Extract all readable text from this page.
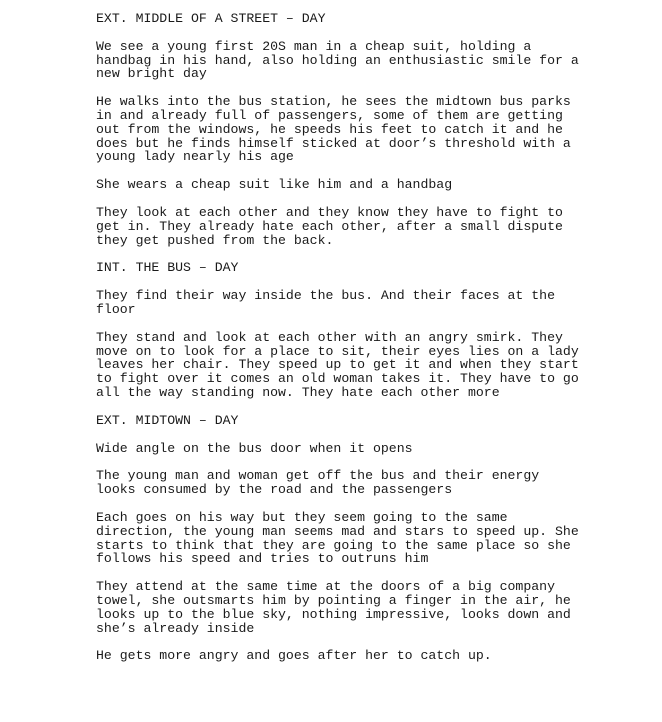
EXT. MIDDLE OF A STREET – DAY
We see a young first 20S man in a cheap suit, holding a
handbag in his hand, also holding an enthusiastic smile for a
new bright day
He walks into the bus station, he sees the midtown bus parks
in and already full of passengers, some of them are getting
out from the windows, he speeds his feet to catch it and he
does but he finds himself sticked at door’s threshold with a
young lady nearly his age
She wears a cheap suit like him and a handbag
They look at each other and they know they have to fight to
get in. They already hate each other, after a small dispute
they get pushed from the back.
INT. THE BUS – DAY
They find their way inside the bus. And their faces at the
floor
They stand and look at each other with an angry smirk. They
move on to look for a place to sit, their eyes lies on a lady
leaves her chair. They speed up to get it and when they start
to fight over it comes an old woman takes it. They have to go
all the way standing now. They hate each other more
EXT. MIDTOWN – DAY
Wide angle on the bus door when it opens
The young man and woman get off the bus and their energy
looks consumed by the road and the passengers
Each goes on his way but they seem going to the same
direction, the young man seems mad and stars to speed up. She
starts to think that they are going to the same place so she
follows his speed and tries to outruns him
They attend at the same time at the doors of a big company
towel, she outsmarts him by pointing a finger in the air, he
looks up to the blue sky, nothing impressive, looks down and
she’s already inside
He gets more angry and goes after her to catch up.
